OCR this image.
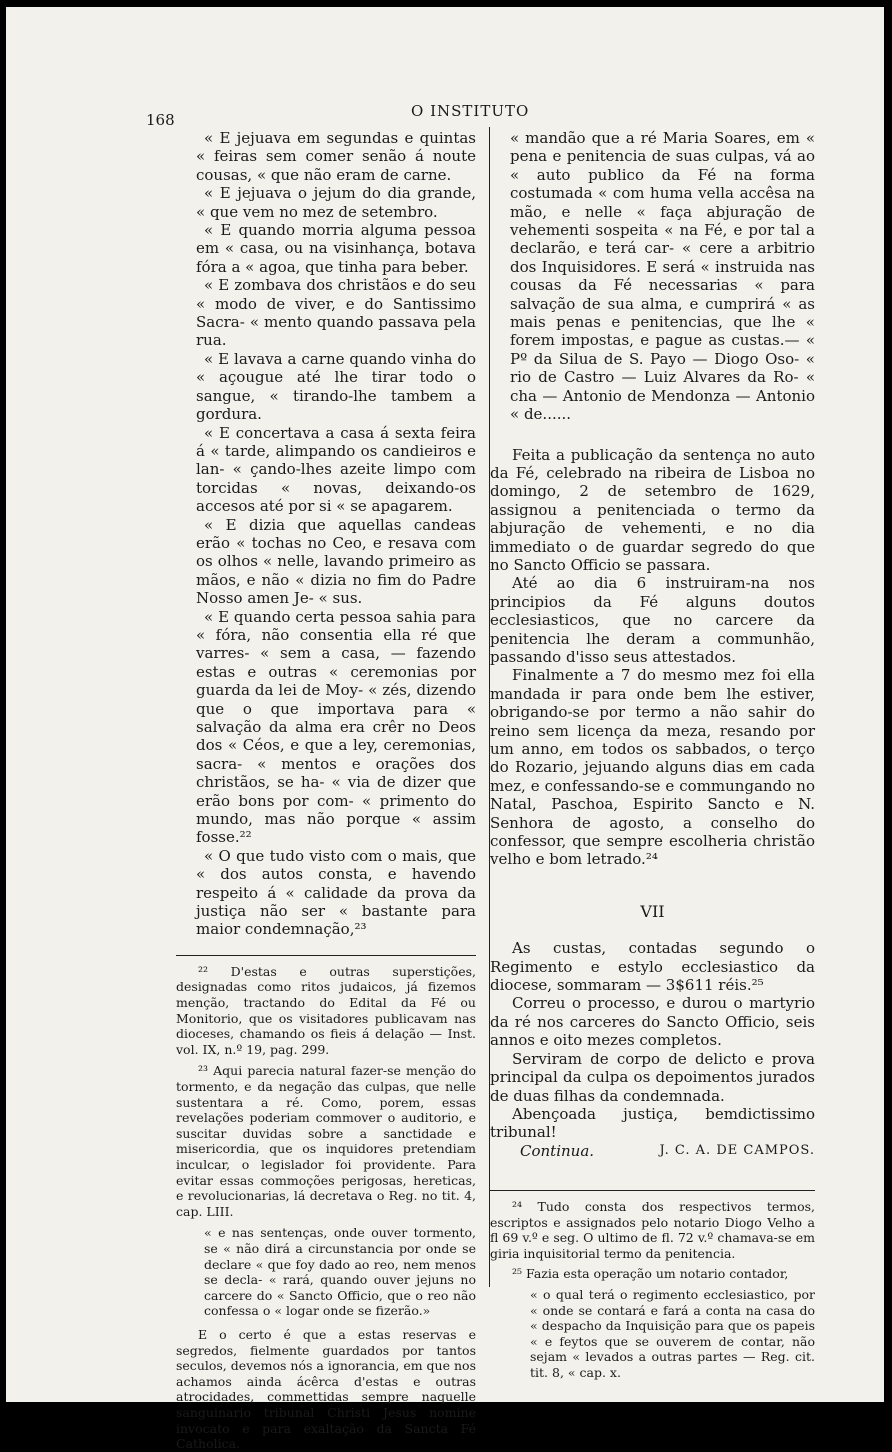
168	O INSTITUTO

« E jejuava em segundas e quintas « feiras sem comer senão á noute cousas, « que não eram de carne.

« E jejuava o jejum do dia grande, « que vem no mez de setembro.

« E quando morria alguma pessoa em « casa, ou na visinhança, botava fóra a « agoa, que tinha para beber.

« E zombava dos christãos e do seu « modo de viver, e do Santissimo Sacra- « mento quando passava pela rua.

« E lavava a carne quando vinha do « açougue até lhe tirar todo o sangue, « tirando-lhe tambem a gordura.

« E concertava a casa á sexta feira á « tarde, alimpando os candieiros e lan- « çando-lhes azeite limpo com torcidas « novas, deixando-os accesos até por si « se apagarem.

« E dizia que aquellas candeas erão « tochas no Ceo, e resava com os olhos « nelle, lavando primeiro as mãos, e não « dizia no fim do Padre Nosso amen Je- « sus.

« E quando certa pessoa sahia para « fóra, não consentia ella ré que varres- « sem a casa, — fazendo estas e outras « ceremonias por guarda da lei de Moy- « zés, dizendo que o que importava para « salvação da alma era crêr no Deos dos « Céos, e que a ley, ceremonias, sacra- « mentos e orações dos christãos, se ha- « via de dizer que erão bons por com- « primento do mundo, mas não porque « assim fosse.²²

« O que tudo visto com o mais, que « dos autos consta, e havendo respeito á « calidade da prova da justiça não ser « bastante para maior condemnação,²³

²² D'estas e outras superstições, designadas como ritos judaicos, já fizemos menção, tractando do Edital da Fé ou Monitorio, que os visitadores publicavam nas dioceses, chamando os fieis á delação — Inst. vol. IX, n.º 19, pag. 299.

²³ Aqui parecia natural fazer-se menção do tormento, e da negação das culpas, que nelle sustentara a ré. Como, porem, essas revelações poderiam commover o auditorio, e suscitar duvidas sobre a sanctidade e misericordia, que os inquidores pretendiam inculcar, o legislador foi providente. Para evitar essas commoções perigosas, hereticas, e revolucionarias, lá decretava o Reg. no tit. 4, cap. LIII.

« e nas sentenças, onde ouver tormento, se « não dirá a circunstancia por onde se declare « que foy dado ao reo, nem menos se decla- « rará, quando ouver jejuns no carcere do « Sancto Officio, que o reo não confessa o « logar onde se fizerão.»

E o certo é que a estas reservas e segredos, fielmente guardados por tantos seculos, devemos nós a ignorancia, em que nos achamos ainda ácêrca d'estas e outras atrocidades, commettidas sempre naquelle sanguinario tribunal Christi Jesus nomine invocato e para exaltação da Sancta Fé Catholica.

« mandão que a ré Maria Soares, em « pena e penitencia de suas culpas, vá ao « auto publico da Fé na forma costumada « com huma vella accêsa na mão, e nelle « faça abjuração de vehementi sospeita « na Fé, e por tal a declarão, e terá car- « cere a arbitrio dos Inquisidores. E será « instruida nas cousas da Fé necessarias « para salvação de sua alma, e cumprirá « as mais penas e penitencias, que lhe « forem impostas, e pague as custas.— « Pº da Silua de S. Payo — Diogo Oso- « rio de Castro — Luiz Alvares da Ro- « cha — Antonio de Mendonza — Antonio « de......

Feita a publicação da sentença no auto da Fé, celebrado na ribeira de Lisboa no domingo, 2 de setembro de 1629, assignou a penitenciada o termo da abjuração de vehementi, e no dia immediato o de guardar segredo do que no Sancto Officio se passara.

Até ao dia 6 instruiram-na nos principios da Fé alguns doutos ecclesiasticos, que no carcere da penitencia lhe deram a communhão, passando d'isso seus attestados.

Finalmente a 7 do mesmo mez foi ella mandada ir para onde bem lhe estiver, obrigando-se por termo a não sahir do reino sem licença da meza, resando por um anno, em todos os sabbados, o terço do Rozario, jejuando alguns dias em cada mez, e confessando-se e commungando no Natal, Paschoa, Espirito Sancto e N. Senhora de agosto, a conselho do confessor, que sempre escolheria christão velho e bom letrado.²⁴

VII

As custas, contadas segundo o Regimento e estylo ecclesiastico da diocese, sommaram — 3$611 réis.²⁵

Correu o processo, e durou o martyrio da ré nos carceres do Sancto Officio, seis annos e oito mezes completos.

Serviram de corpo de delicto e prova principal da culpa os depoimentos jurados de duas filhas da condemnada.

Abençoada justiça, bemdictissimo tribunal!

Continua.	J. C. A. DE CAMPOS.

²⁴ Tudo consta dos respectivos termos, escriptos e assignados pelo notario Diogo Velho a fl 69 v.º e seg. O ultimo de fl. 72 v.º chamava-se em giria inquisitorial termo da penitencia.

²⁵ Fazia esta operação um notario contador,

« o qual terá o regimento ecclesiastico, por « onde se contará e fará a conta na casa do « despacho da Inquisição para que os papeis « e feytos que se ouverem de contar, não sejam « levados a outras partes — Reg. cit. tit. 8, « cap. x.
